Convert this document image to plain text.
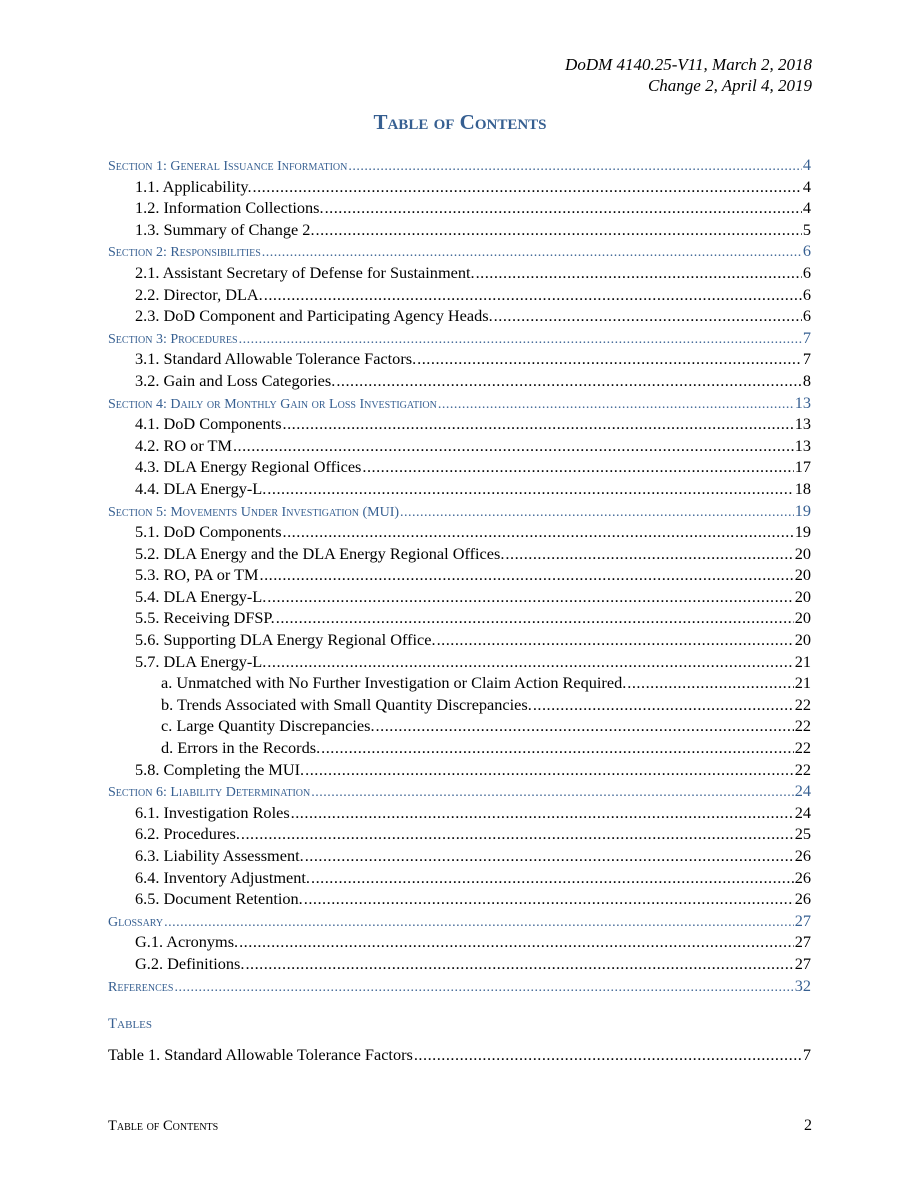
DoDM 4140.25-V11, March 2, 2018
Change 2, April 4, 2019
Table of Contents
Section 1: General Issuance Information .....	4
1.1. Applicability. .....	4
1.2. Information Collections. .....	4
1.3. Summary of Change 2. .....	5
Section 2: Responsibilities .....	6
2.1. Assistant Secretary of Defense for Sustainment. .....	6
2.2. Director, DLA. .....	6
2.3. DoD Component and Participating Agency Heads. .....	6
Section 3: Procedures .....	7
3.1. Standard Allowable Tolerance Factors. .....	7
3.2. Gain and Loss Categories. .....	8
Section 4: Daily or Monthly Gain or Loss Investigation .....	13
4.1. DoD Components .....	13
4.2. RO or TM .....	13
4.3. DLA Energy Regional Offices .....	17
4.4. DLA Energy-L. .....	18
Section 5: Movements Under Investigation (MUI) .....	19
5.1. DoD Components .....	19
5.2. DLA Energy and the DLA Energy Regional Offices. .....	20
5.3. RO, PA or TM .....	20
5.4. DLA Energy-L. .....	20
5.5. Receiving DFSP. .....	20
5.6. Supporting DLA Energy Regional Office. .....	20
5.7. DLA Energy-L. .....	21
a. Unmatched with No Further Investigation or Claim Action Required. .....	21
b. Trends Associated with Small Quantity Discrepancies. .....	22
c. Large Quantity Discrepancies. .....	22
d. Errors in the Records. .....	22
5.8. Completing the MUI. .....	22
Section 6: Liability Determination .....	24
6.1. Investigation Roles .....	24
6.2. Procedures. .....	25
6.3. Liability Assessment. .....	26
6.4. Inventory Adjustment. .....	26
6.5. Document Retention. .....	26
Glossary .....	27
G.1. Acronyms. .....	27
G.2. Definitions. .....	27
References .....	32
Tables
Table 1. Standard Allowable Tolerance Factors .....	7
Table of Contents	2
